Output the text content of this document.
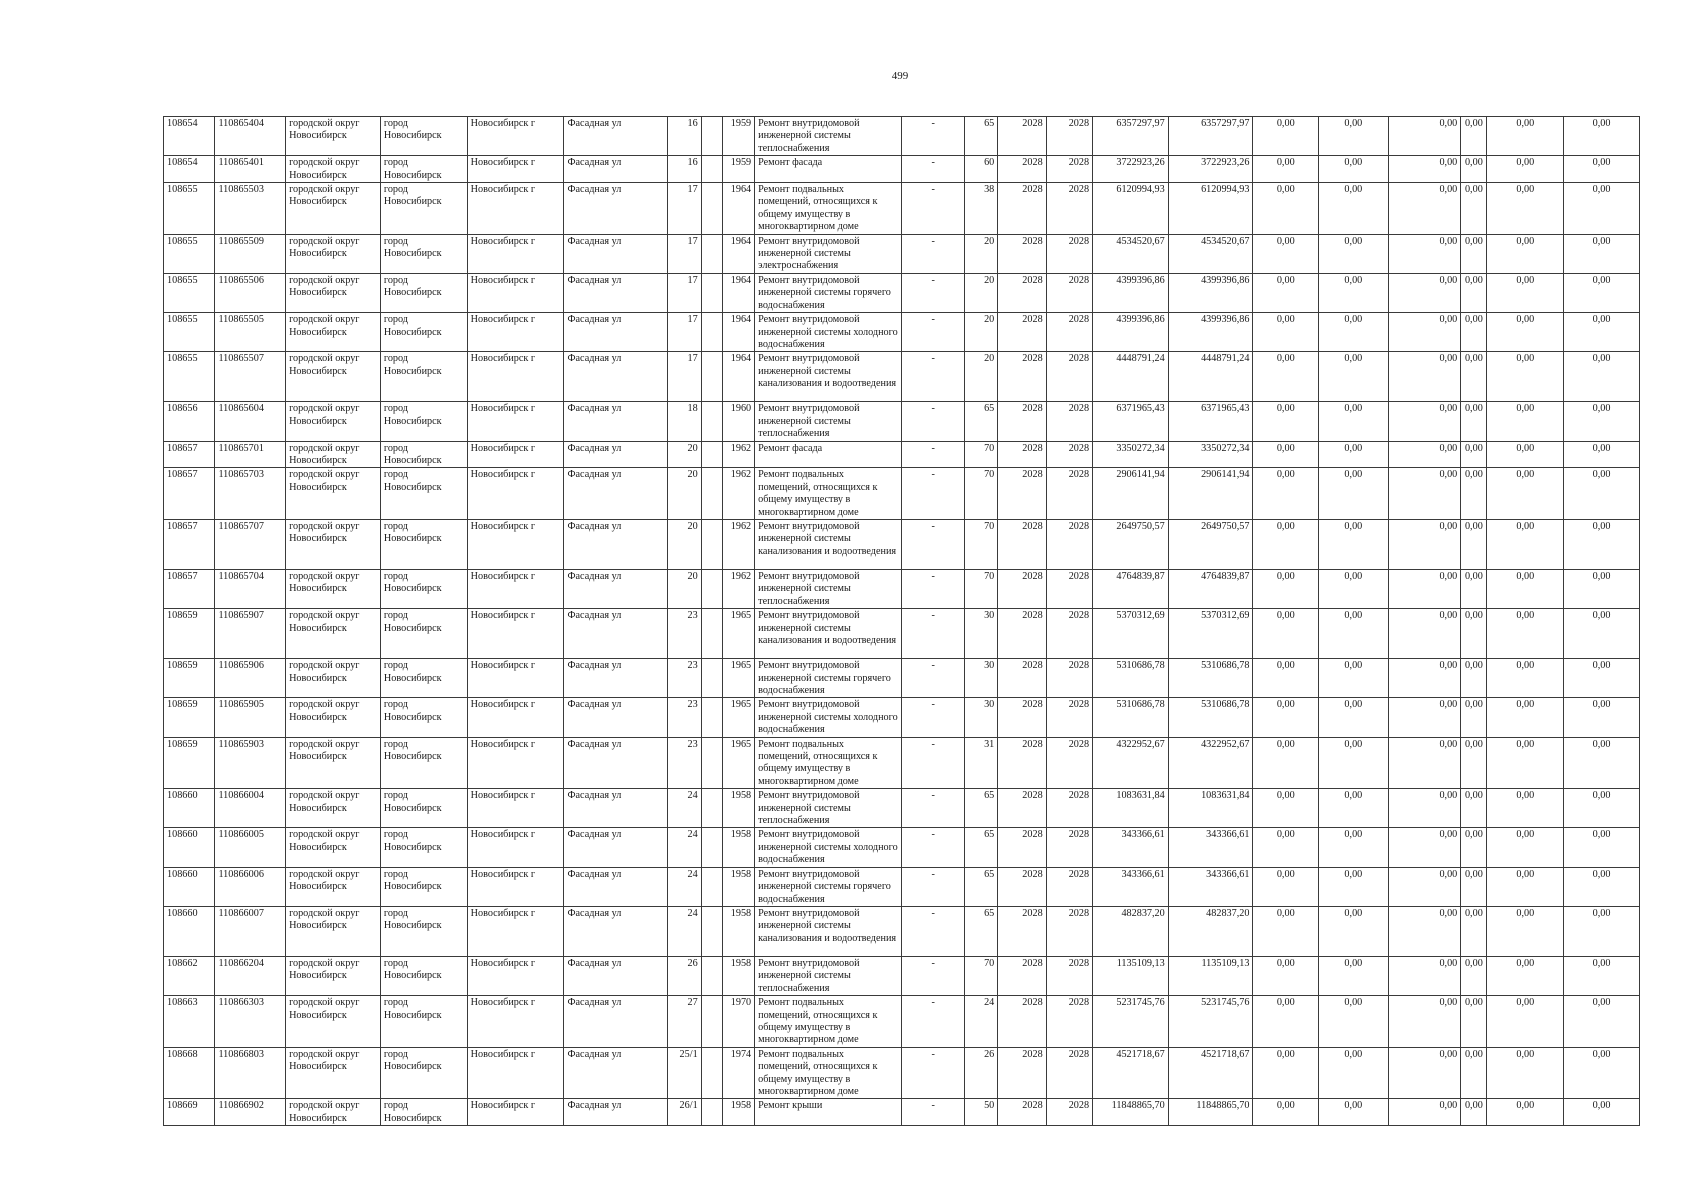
499
108654	110865404	городской округ Новосибирск	город Новосибирск	Новосибирск г	Фасадная ул	16		1959	Ремонт внутридомовой инженерной системы теплоснабжения	-	65	2028	2028	6357297,97	6357297,97	0,00	0,00	0,00	0,00	0,00	0,00
108654	110865401	городской округ Новосибирск	город Новосибирск	Новосибирск г	Фасадная ул	16		1959	Ремонт фасада	-	60	2028	2028	3722923,26	3722923,26	0,00	0,00	0,00	0,00	0,00	0,00
108655	110865503	городской округ Новосибирск	город Новосибирск	Новосибирск г	Фасадная ул	17		1964	Ремонт подвальных помещений, относящихся к общему имуществу в многоквартирном доме	-	38	2028	2028	6120994,93	6120994,93	0,00	0,00	0,00	0,00	0,00	0,00
108655	110865509	городской округ Новосибирск	город Новосибирск	Новосибирск г	Фасадная ул	17		1964	Ремонт внутридомовой инженерной системы электроснабжения	-	20	2028	2028	4534520,67	4534520,67	0,00	0,00	0,00	0,00	0,00	0,00
108655	110865506	городской округ Новосибирск	город Новосибирск	Новосибирск г	Фасадная ул	17		1964	Ремонт внутридомовой инженерной системы горячего водоснабжения	-	20	2028	2028	4399396,86	4399396,86	0,00	0,00	0,00	0,00	0,00	0,00
108655	110865505	городской округ Новосибирск	город Новосибирск	Новосибирск г	Фасадная ул	17		1964	Ремонт внутридомовой инженерной системы холодного водоснабжения	-	20	2028	2028	4399396,86	4399396,86	0,00	0,00	0,00	0,00	0,00	0,00
108655	110865507	городской округ Новосибирск	город Новосибирск	Новосибирск г	Фасадная ул	17		1964	Ремонт внутридомовой инженерной системы канализования и водоотведения	-	20	2028	2028	4448791,24	4448791,24	0,00	0,00	0,00	0,00	0,00	0,00
108656	110865604	городской округ Новосибирск	город Новосибирск	Новосибирск г	Фасадная ул	18		1960	Ремонт внутридомовой инженерной системы теплоснабжения	-	65	2028	2028	6371965,43	6371965,43	0,00	0,00	0,00	0,00	0,00	0,00
108657	110865701	городской округ Новосибирск	город Новосибирск	Новосибирск г	Фасадная ул	20		1962	Ремонт фасада	-	70	2028	2028	3350272,34	3350272,34	0,00	0,00	0,00	0,00	0,00	0,00
108657	110865703	городской округ Новосибирск	город Новосибирск	Новосибирск г	Фасадная ул	20		1962	Ремонт подвальных помещений, относящихся к общему имуществу в многоквартирном доме	-	70	2028	2028	2906141,94	2906141,94	0,00	0,00	0,00	0,00	0,00	0,00
108657	110865707	городской округ Новосибирск	город Новосибирск	Новосибирск г	Фасадная ул	20		1962	Ремонт внутридомовой инженерной системы канализования и водоотведения	-	70	2028	2028	2649750,57	2649750,57	0,00	0,00	0,00	0,00	0,00	0,00
108657	110865704	городской округ Новосибирск	город Новосибирск	Новосибирск г	Фасадная ул	20		1962	Ремонт внутридомовой инженерной системы теплоснабжения	-	70	2028	2028	4764839,87	4764839,87	0,00	0,00	0,00	0,00	0,00	0,00
108659	110865907	городской округ Новосибирск	город Новосибирск	Новосибирск г	Фасадная ул	23		1965	Ремонт внутридомовой инженерной системы канализования и водоотведения	-	30	2028	2028	5370312,69	5370312,69	0,00	0,00	0,00	0,00	0,00	0,00
108659	110865906	городской округ Новосибирск	город Новосибирск	Новосибирск г	Фасадная ул	23		1965	Ремонт внутридомовой инженерной системы горячего водоснабжения	-	30	2028	2028	5310686,78	5310686,78	0,00	0,00	0,00	0,00	0,00	0,00
108659	110865905	городской округ Новосибирск	город Новосибирск	Новосибирск г	Фасадная ул	23		1965	Ремонт внутридомовой инженерной системы холодного водоснабжения	-	30	2028	2028	5310686,78	5310686,78	0,00	0,00	0,00	0,00	0,00	0,00
108659	110865903	городской округ Новосибирск	город Новосибирск	Новосибирск г	Фасадная ул	23		1965	Ремонт подвальных помещений, относящихся к общему имуществу в многоквартирном доме	-	31	2028	2028	4322952,67	4322952,67	0,00	0,00	0,00	0,00	0,00	0,00
108660	110866004	городской округ Новосибирск	город Новосибирск	Новосибирск г	Фасадная ул	24		1958	Ремонт внутридомовой инженерной системы теплоснабжения	-	65	2028	2028	1083631,84	1083631,84	0,00	0,00	0,00	0,00	0,00	0,00
108660	110866005	городской округ Новосибирск	город Новосибирск	Новосибирск г	Фасадная ул	24		1958	Ремонт внутридомовой инженерной системы холодного водоснабжения	-	65	2028	2028	343366,61	343366,61	0,00	0,00	0,00	0,00	0,00	0,00
108660	110866006	городской округ Новосибирск	город Новосибирск	Новосибирск г	Фасадная ул	24		1958	Ремонт внутридомовой инженерной системы горячего водоснабжения	-	65	2028	2028	343366,61	343366,61	0,00	0,00	0,00	0,00	0,00	0,00
108660	110866007	городской округ Новосибирск	город Новосибирск	Новосибирск г	Фасадная ул	24		1958	Ремонт внутридомовой инженерной системы канализования и водоотведения	-	65	2028	2028	482837,20	482837,20	0,00	0,00	0,00	0,00	0,00	0,00
108662	110866204	городской округ Новосибирск	город Новосибирск	Новосибирск г	Фасадная ул	26		1958	Ремонт внутридомовой инженерной системы теплоснабжения	-	70	2028	2028	1135109,13	1135109,13	0,00	0,00	0,00	0,00	0,00	0,00
108663	110866303	городской округ Новосибирск	город Новосибирск	Новосибирск г	Фасадная ул	27		1970	Ремонт подвальных помещений, относящихся к общему имуществу в многоквартирном доме	-	24	2028	2028	5231745,76	5231745,76	0,00	0,00	0,00	0,00	0,00	0,00
108668	110866803	городской округ Новосибирск	город Новосибирск	Новосибирск г	Фасадная ул	25/1		1974	Ремонт подвальных помещений, относящихся к общему имуществу в многоквартирном доме	-	26	2028	2028	4521718,67	4521718,67	0,00	0,00	0,00	0,00	0,00	0,00
108669	110866902	городской округ Новосибирск	город Новосибирск	Новосибирск г	Фасадная ул	26/1		1958	Ремонт крыши	-	50	2028	2028	11848865,70	11848865,70	0,00	0,00	0,00	0,00	0,00	0,00
